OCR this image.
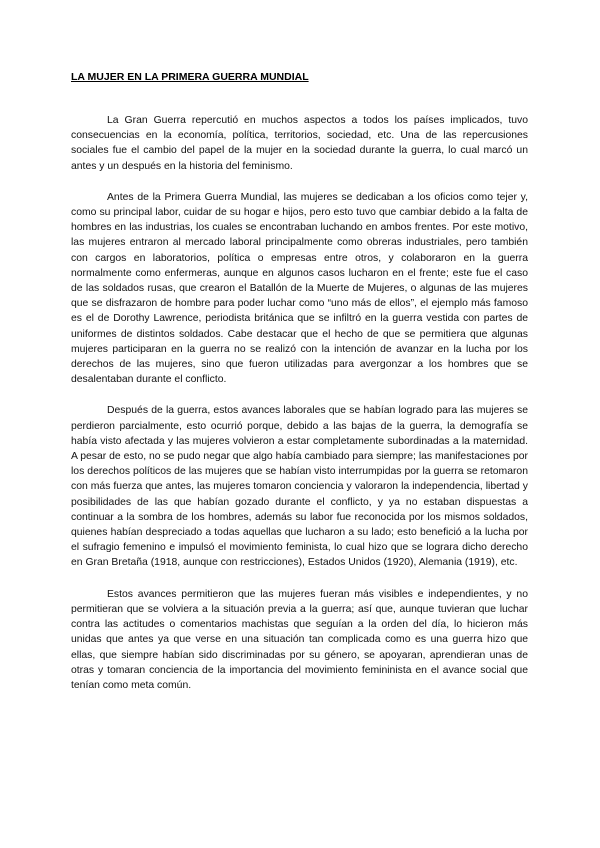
LA MUJER EN LA PRIMERA GUERRA MUNDIAL

La Gran Guerra repercutió en muchos aspectos a todos los países implicados, tuvo consecuencias en la economía, política, territorios, sociedad, etc. Una de las repercusiones sociales fue el cambio del papel de la mujer en la sociedad durante la guerra, lo cual marcó un antes y un después en la historia del feminismo.

Antes de la Primera Guerra Mundial, las mujeres se dedicaban a los oficios como tejer y, como su principal labor, cuidar de su hogar e hijos, pero esto tuvo que cambiar debido a la falta de hombres en las industrias, los cuales se encontraban luchando en ambos frentes. Por este motivo, las mujeres entraron al mercado laboral principalmente como obreras industriales, pero también con cargos en laboratorios, política o empresas entre otros, y colaboraron en la guerra normalmente como enfermeras, aunque en algunos casos lucharon en el frente; este fue el caso de las soldados rusas, que crearon el Batallón de la Muerte de Mujeres, o algunas de las mujeres que se disfrazaron de hombre para poder luchar como “uno más de ellos”, el ejemplo más famoso es el de Dorothy Lawrence, periodista británica que se infiltró en la guerra vestida con partes de uniformes de distintos soldados. Cabe destacar que el hecho de que se permitiera que algunas mujeres participaran en la guerra no se realizó con la intención de avanzar en la lucha por los derechos de las mujeres, sino que fueron utilizadas para avergonzar a los hombres que se desalentaban durante el conflicto.

Después de la guerra, estos avances laborales que se habían logrado para las mujeres se perdieron parcialmente, esto ocurrió porque, debido a las bajas de la guerra, la demografía se había visto afectada y las mujeres volvieron a estar completamente subordinadas a la maternidad. A pesar de esto, no se pudo negar que algo había cambiado para siempre; las manifestaciones por los derechos políticos de las mujeres que se habían visto interrumpidas por la guerra se retomaron con más fuerza que antes, las mujeres tomaron conciencia y valoraron la independencia, libertad y posibilidades de las que habían gozado durante el conflicto, y ya no estaban dispuestas a continuar a la sombra de los hombres, además su labor fue reconocida por los mismos soldados, quienes habían despreciado a todas aquellas que lucharon a su lado; esto benefició a la lucha por el sufragio femenino e impulsó el movimiento feminista, lo cual hizo que se lograra dicho derecho en Gran Bretaña (1918, aunque con restricciones), Estados Unidos (1920), Alemania (1919), etc.

Estos avances permitieron que las mujeres fueran más visibles e independientes, y no permitieran que se volviera a la situación previa a la guerra; así que, aunque tuvieran que luchar contra las actitudes o comentarios machistas que seguían a la orden del día, lo hicieron más unidas que antes ya que verse en una situación tan complicada como es una guerra hizo que ellas, que siempre habían sido discriminadas por su género, se apoyaran, aprendieran unas de otras y tomaran conciencia de la importancia del movimiento femininista en el avance social que tenían como meta común.
